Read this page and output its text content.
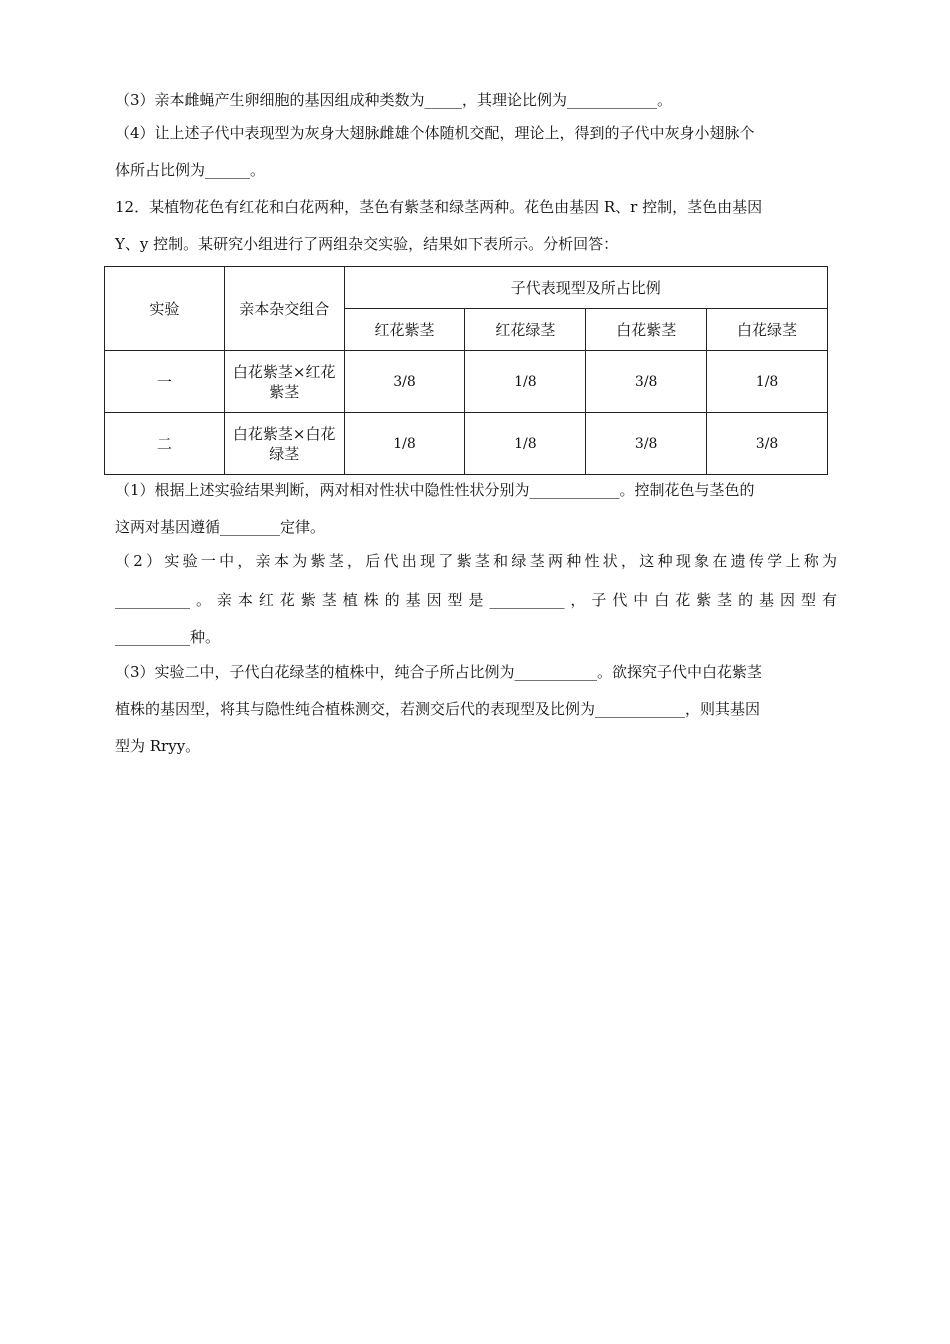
（3）亲本雌蝇产生卵细胞的基因组成种类数为_____，其理论比例为____________。
（4）让上述子代中表现型为灰身大翅脉雌雄个体随机交配，理论上，得到的子代中灰身小翅脉个
体所占比例为______。
12．某植物花色有红花和白花两种，茎色有紫茎和绿茎两种。花色由基因 R、r 控制，茎色由基因
Y、y 控制。某研究小组进行了两组杂交实验，结果如下表所示。分析回答：
实验	亲本杂交组合	子代表现型及所占比例			
		红花紫茎	红花绿茎	白花紫茎	白花绿茎
一	白花紫茎×红花紫茎	3/8	1/8	3/8	1/8
二	白花紫茎×白花绿茎	1/8	1/8	3/8	3/8
（1）根据上述实验结果判断，两对相对性状中隐性性状分别为____________。控制花色与茎色的
这两对基因遵循________定律。
（2）实验一中，亲本为紫茎，后代出现了紫茎和绿茎两种性状，这种现象在遗传学上称为
__________。亲本红花紫茎植株的基因型是__________，子代中白花紫茎的基因型有
__________种。
（3）实验二中，子代白花绿茎的植株中，纯合子所占比例为___________。欲探究子代中白花紫茎
植株的基因型，将其与隐性纯合植株测交，若测交后代的表现型及比例为____________，则其基因
型为 Rryy。
